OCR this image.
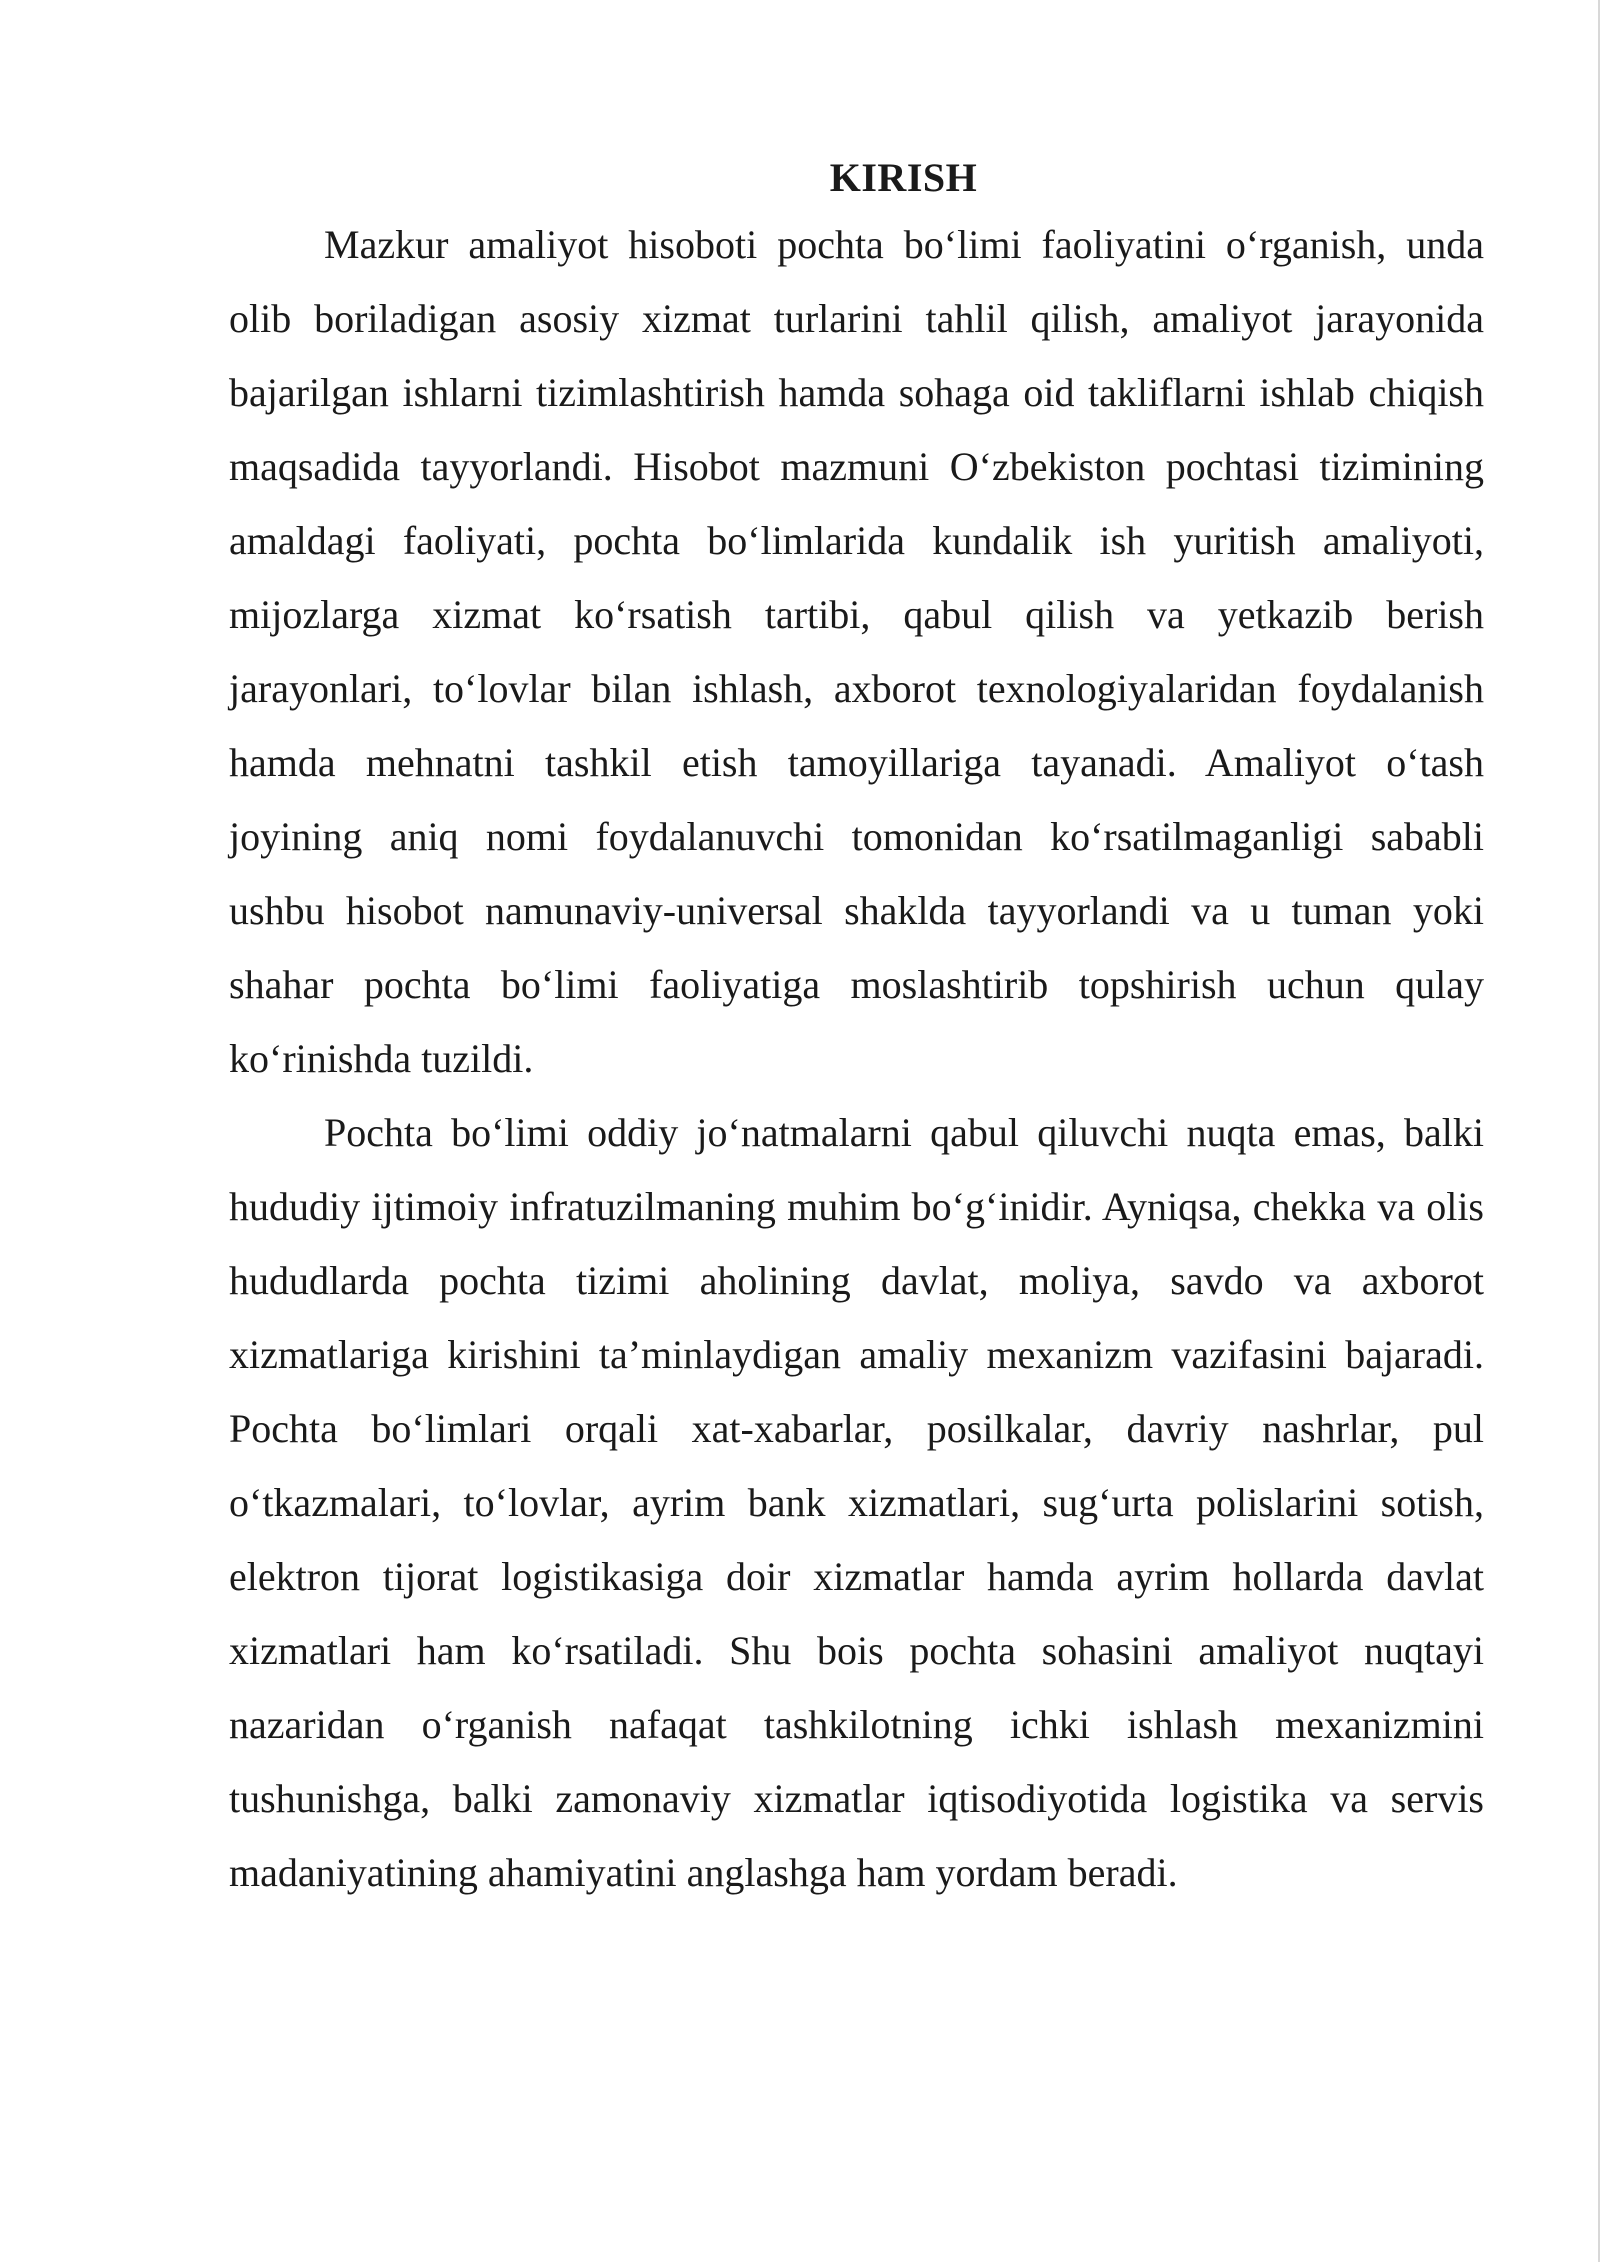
KIRISH

Mazkur amaliyot hisoboti pochta bo‘limi faoliyatini o‘rganish, unda olib boriladigan asosiy xizmat turlarini tahlil qilish, amaliyot jarayonida bajarilgan ishlarni tizimlashtirish hamda sohaga oid takliflarni ishlab chiqish maqsadida tayyorlandi. Hisobot mazmuni O‘zbekiston pochtasi tizimining amaldagi faoliyati, pochta bo‘limlarida kundalik ish yuritish amaliyoti, mijozlarga xizmat ko‘rsatish tartibi, qabul qilish va yetkazib berish jarayonlari, to‘lovlar bilan ishlash, axborot texnologiyalaridan foydalanish hamda mehnatni tashkil etish tamoyillariga tayanadi. Amaliyot o‘tash joyining aniq nomi foydalanuvchi tomonidan ko‘rsatilmaganligi sababli ushbu hisobot namunaviy-universal shaklda tayyorlandi va u tuman yoki shahar pochta bo‘limi faoliyatiga moslashtirib topshirish uchun qulay ko‘rinishda tuzildi.

Pochta bo‘limi oddiy jo‘natmalarni qabul qiluvchi nuqta emas, balki hududiy ijtimoiy infratuzilmaning muhim bo‘g‘inidir. Ayniqsa, chekka va olis hududlarda pochta tizimi aholining davlat, moliya, savdo va axborot xizmatlariga kirishini ta’minlaydigan amaliy mexanizm vazifasini bajaradi. Pochta bo‘limlari orqali xat-xabarlar, posilkalar, davriy nashrlar, pul o‘tkazmalari, to‘lovlar, ayrim bank xizmatlari, sug‘urta polislarini sotish, elektron tijorat logistikasiga doir xizmatlar hamda ayrim hollarda davlat xizmatlari ham ko‘rsatiladi. Shu bois pochta sohasini amaliyot nuqtayi nazaridan o‘rganish nafaqat tashkilotning ichki ishlash mexanizmini tushunishga, balki zamonaviy xizmatlar iqtisodiyotida logistika va servis madaniyatining ahamiyatini anglashga ham yordam beradi.
